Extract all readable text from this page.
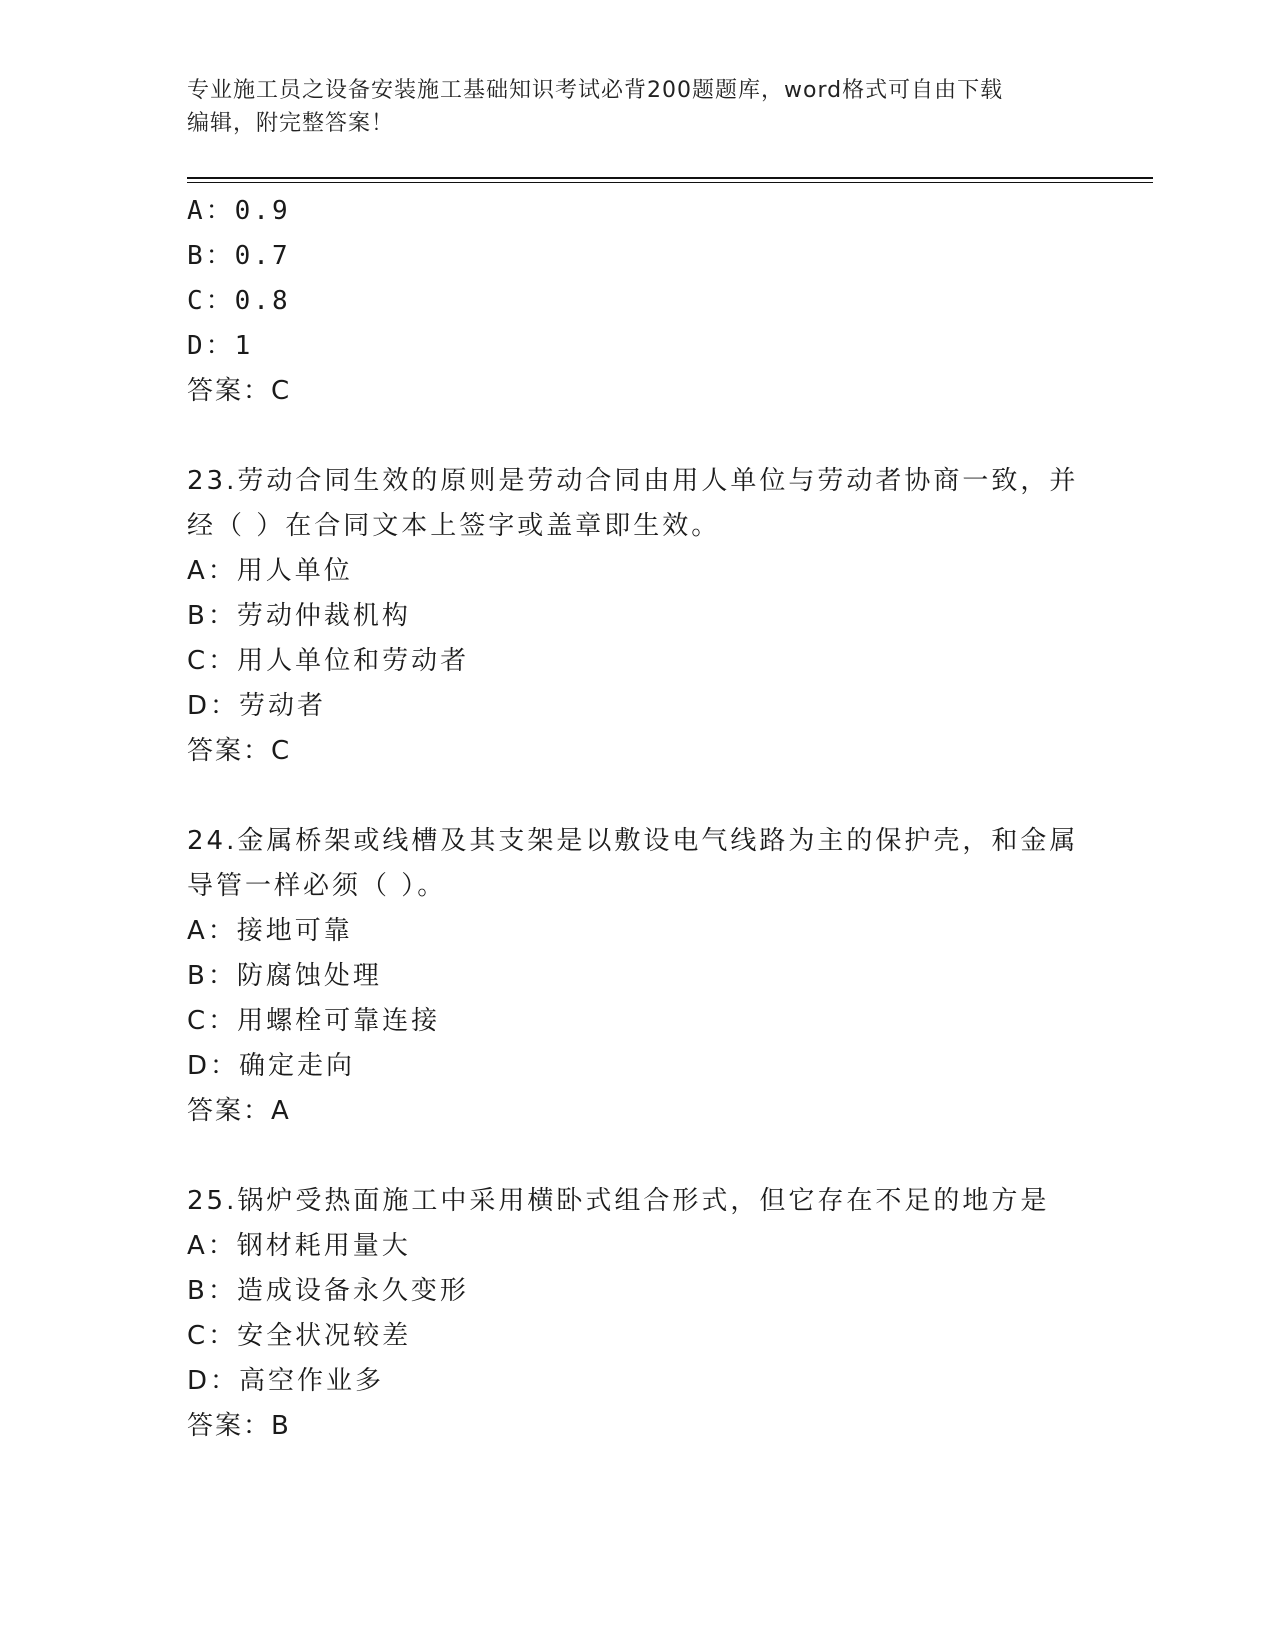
专业施工员之设备安装施工基础知识考试必背200题题库，word格式可自由下载
编辑，附完整答案！
A：0.9
B：0.7
C：0.8
D：1
答案：C
23.劳动合同生效的原则是劳动合同由用人单位与劳动者协商一致，并
经（ ）在合同文本上签字或盖章即生效。
A：用人单位
B：劳动仲裁机构
C：用人单位和劳动者
D：劳动者
答案：C
24.金属桥架或线槽及其支架是以敷设电气线路为主的保护壳，和金属
导管一样必须（ ）。
A：接地可靠
B：防腐蚀处理
C：用螺栓可靠连接
D：确定走向
答案：A
25.锅炉受热面施工中采用横卧式组合形式，但它存在不足的地方是
A：钢材耗用量大
B：造成设备永久变形
C：安全状况较差
D：高空作业多
答案：B
